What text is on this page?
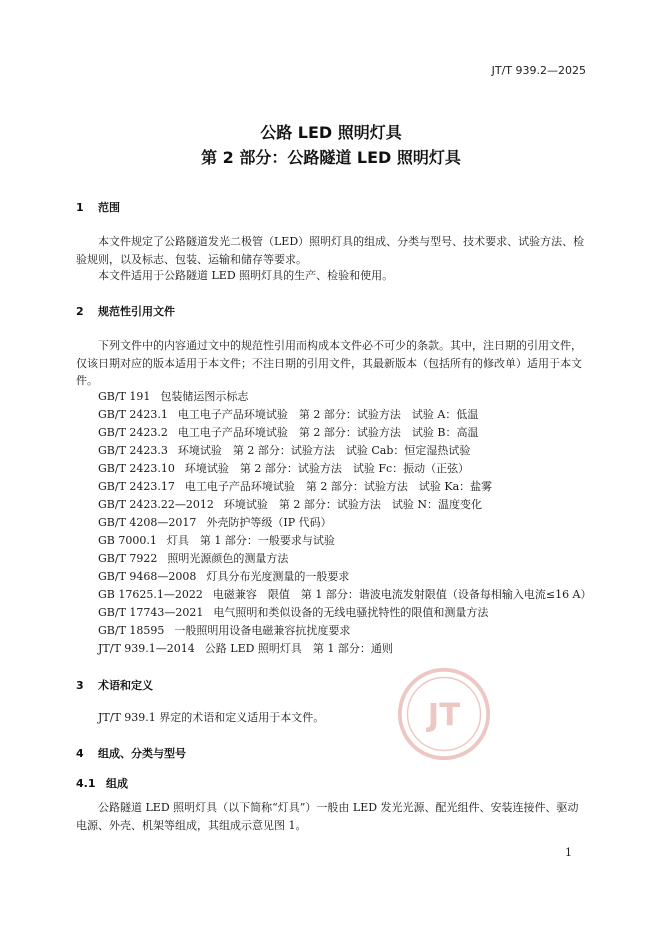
JT/T 939.2—2025
公路 LED 照明灯具
第 2 部分：公路隧道 LED 照明灯具
1 范围
本文件规定了公路隧道发光二极管（LED）照明灯具的组成、分类与型号、技术要求、试验方法、检验规则，以及标志、包装、运输和储存等要求。
本文件适用于公路隧道 LED 照明灯具的生产、检验和使用。
2 规范性引用文件
下列文件中的内容通过文中的规范性引用而构成本文件必不可少的条款。其中，注日期的引用文件，仅该日期对应的版本适用于本文件；不注日期的引用文件，其最新版本（包括所有的修改单）适用于本文件。
GB/T 191 包装储运图示标志
GB/T 2423.1 电工电子产品环境试验　第 2 部分：试验方法　试验 A：低温
GB/T 2423.2 电工电子产品环境试验　第 2 部分：试验方法　试验 B：高温
GB/T 2423.3 环境试验　第 2 部分：试验方法　试验 Cab：恒定湿热试验
GB/T 2423.10 环境试验　第 2 部分：试验方法　试验 Fc：振动（正弦）
GB/T 2423.17 电工电子产品环境试验　第 2 部分：试验方法　试验 Ka：盐雾
GB/T 2423.22—2012 环境试验　第 2 部分：试验方法　试验 N：温度变化
GB/T 4208—2017 外壳防护等级（IP 代码）
GB 7000.1 灯具　第 1 部分：一般要求与试验
GB/T 7922 照明光源颜色的测量方法
GB/T 9468—2008 灯具分布光度测量的一般要求
GB 17625.1—2022 电磁兼容　限值　第 1 部分：谐波电流发射限值（设备每相输入电流≤16 A）
GB/T 17743—2021 电气照明和类似设备的无线电骚扰特性的限值和测量方法
GB/T 18595 一般照明用设备电磁兼容抗扰度要求
JT/T 939.1—2014 公路 LED 照明灯具　第 1 部分：通则
JT
3 术语和定义
JT/T 939.1 界定的术语和定义适用于本文件。
4 组成、分类与型号
4.1 组成
公路隧道 LED 照明灯具（以下简称“灯具”）一般由 LED 发光光源、配光组件、安装连接件、驱动电源、外壳、机架等组成，其组成示意见图 1。
1
